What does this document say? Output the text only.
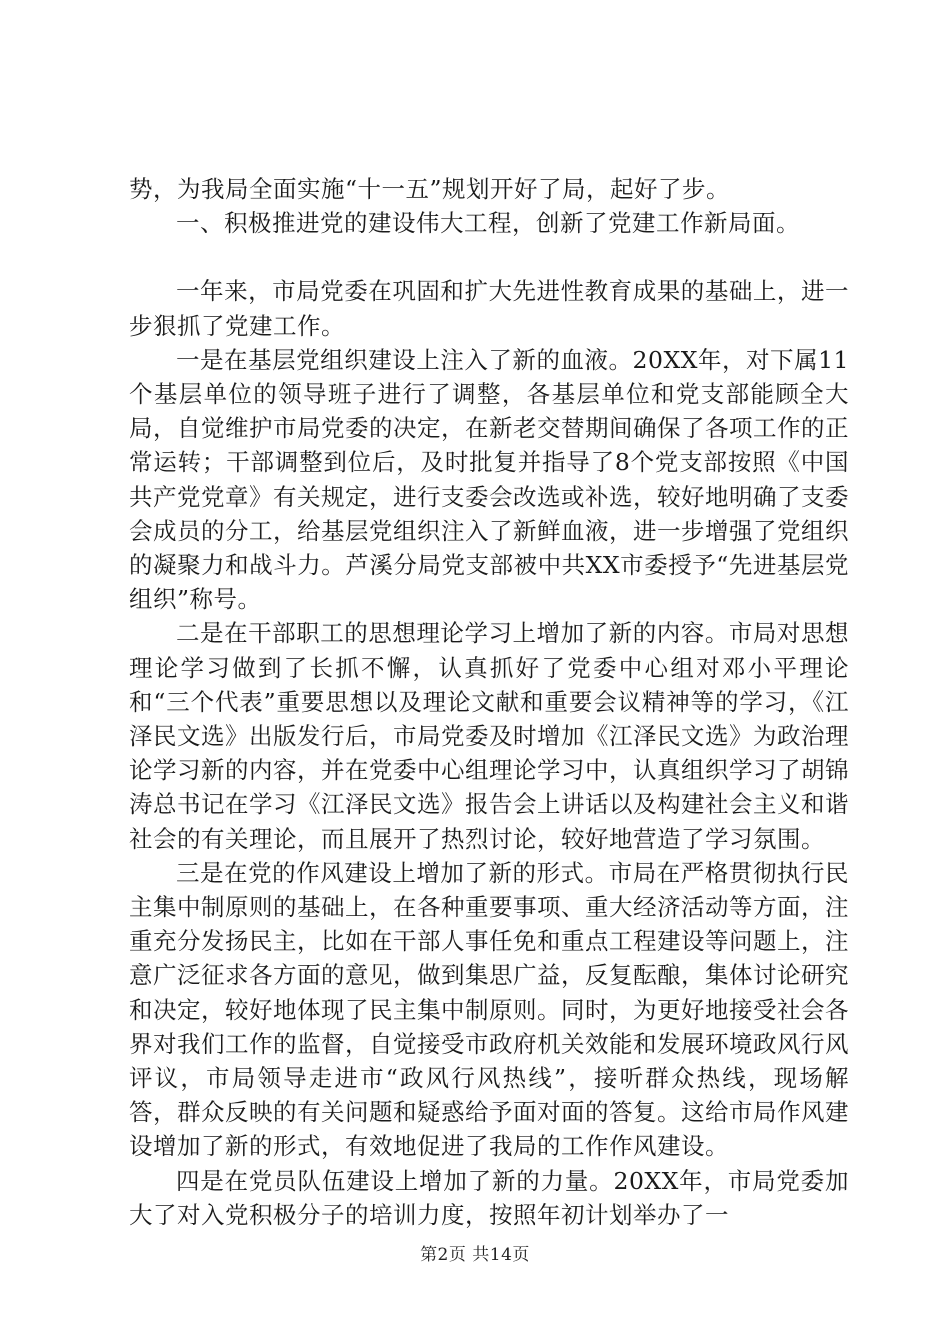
势，为我局全面实施“十一五”规划开好了局，起好了步。

一、积极推进党的建设伟大工程，创新了党建工作新局面。

一年来，市局党委在巩固和扩大先进性教育成果的基础上，进一步狠抓了党建工作。

一是在基层党组织建设上注入了新的血液。20XX年，对下属11个基层单位的领导班子进行了调整，各基层单位和党支部能顾全大局，自觉维护市局党委的决定，在新老交替期间确保了各项工作的正常运转；干部调整到位后，及时批复并指导了8个党支部按照《中国共产党党章》有关规定，进行支委会改选或补选，较好地明确了支委会成员的分工，给基层党组织注入了新鲜血液，进一步增强了党组织的凝聚力和战斗力。芦溪分局党支部被中共XX市委授予“先进基层党组织”称号。

二是在干部职工的思想理论学习上增加了新的内容。市局对思想理论学习做到了长抓不懈，认真抓好了党委中心组对邓小平理论和“三个代表”重要思想以及理论文献和重要会议精神等的学习，《江泽民文选》出版发行后，市局党委及时增加《江泽民文选》为政治理论学习新的内容，并在党委中心组理论学习中，认真组织学习了胡锦涛总书记在学习《江泽民文选》报告会上讲话以及构建社会主义和谐社会的有关理论，而且展开了热烈讨论，较好地营造了学习氛围。

三是在党的作风建设上增加了新的形式。市局在严格贯彻执行民主集中制原则的基础上，在各种重要事项、重大经济活动等方面，注重充分发扬民主，比如在干部人事任免和重点工程建设等问题上，注意广泛征求各方面的意见，做到集思广益，反复酝酿，集体讨论研究和决定，较好地体现了民主集中制原则。同时，为更好地接受社会各界对我们工作的监督，自觉接受市政府机关效能和发展环境政风行风评议，市局领导走进市“政风行风热线”，接听群众热线，现场解答，群众反映的有关问题和疑惑给予面对面的答复。这给市局作风建设增加了新的形式，有效地促进了我局的工作作风建设。

四是在党员队伍建设上增加了新的力量。20XX年，市局党委加大了对入党积极分子的培训力度，按照年初计划举办了一

第2页 共14页
